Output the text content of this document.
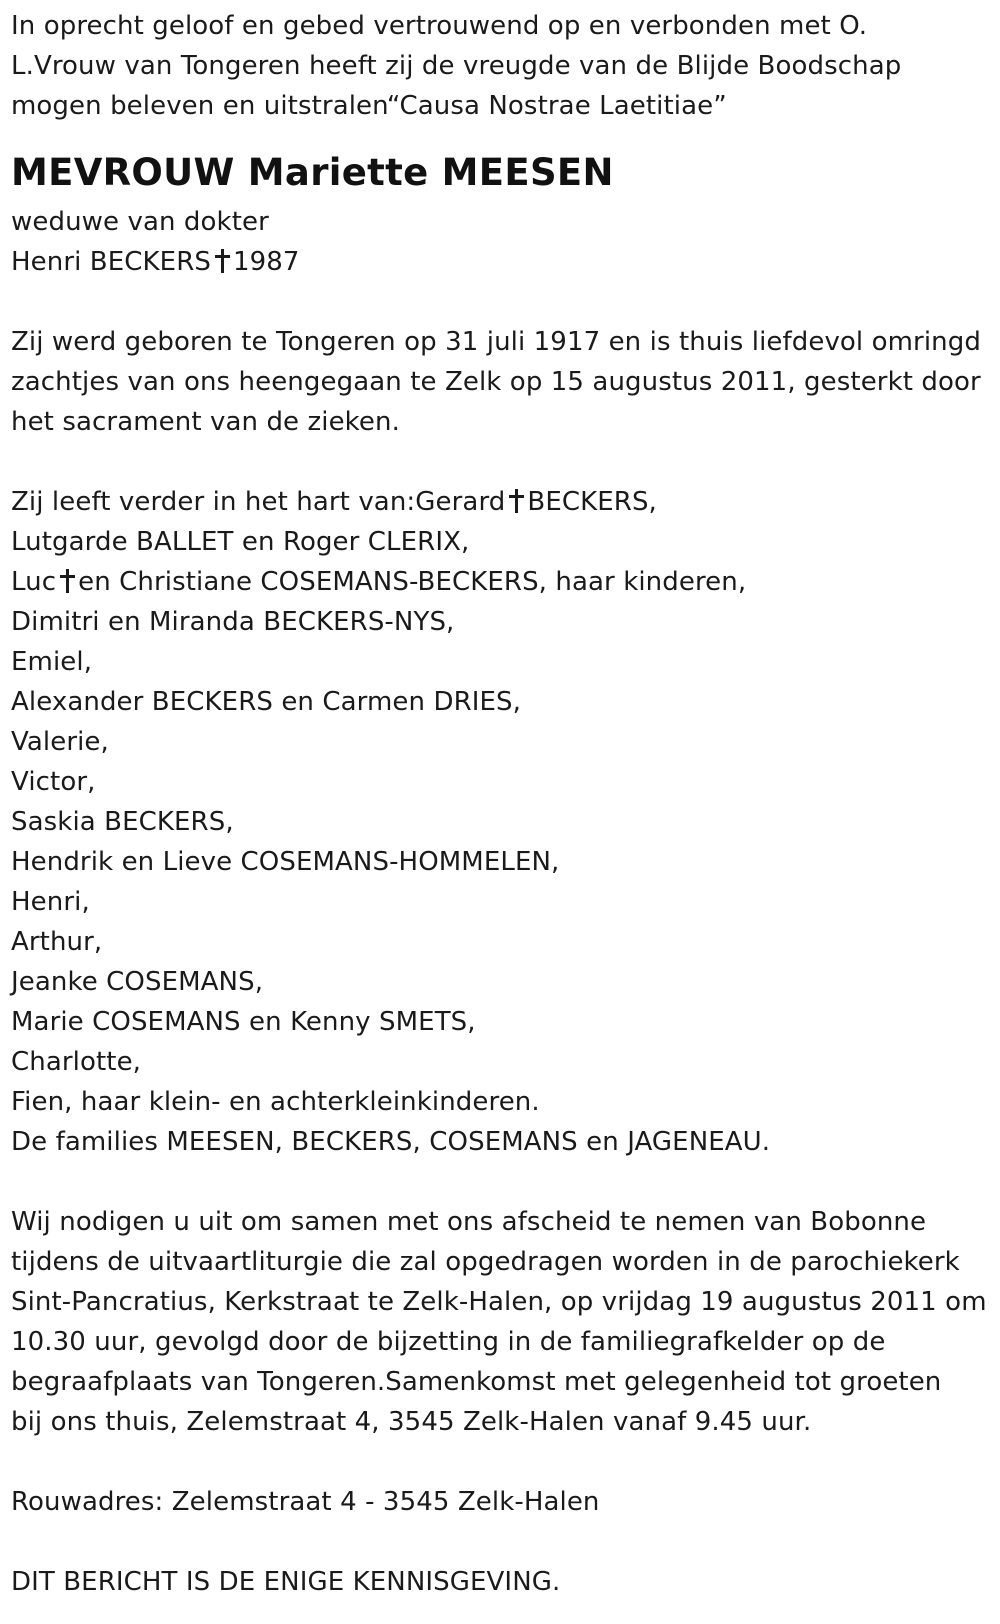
In oprecht geloof en gebed vertrouwend op en verbonden met O.
L.Vrouw van Tongeren heeft zij de vreugde van de Blijde Boodschap
mogen beleven en uitstralen“Causa Nostrae Laetitiae”
MEVROUW Mariette MEESEN
weduwe van dokter
Henri BECKERS 1987
Zij werd geboren te Tongeren op 31 juli 1917 en is thuis liefdevol omringd
zachtjes van ons heengegaan te Zelk op 15 augustus 2011, gesterkt door
het sacrament van de zieken.
Zij leeft verder in het hart van:Gerard BECKERS,
Lutgarde BALLET en Roger CLERIX,
Luc en Christiane COSEMANS-BECKERS, haar kinderen,
Dimitri en Miranda BECKERS-NYS,
Emiel,
Alexander BECKERS en Carmen DRIES,
Valerie,
Victor,
Saskia BECKERS,
Hendrik en Lieve COSEMANS-HOMMELEN,
Henri,
Arthur,
Jeanke COSEMANS,
Marie COSEMANS en Kenny SMETS,
Charlotte,
Fien, haar klein- en achterkleinkinderen.
De families MEESEN, BECKERS, COSEMANS en JAGENEAU.
Wij nodigen u uit om samen met ons afscheid te nemen van Bobonne
tijdens de uitvaartliturgie die zal opgedragen worden in de parochiekerk
Sint-Pancratius, Kerkstraat te Zelk-Halen, op vrijdag 19 augustus 2011 om
10.30 uur, gevolgd door de bijzetting in de familiegrafkelder op de
begraafplaats van Tongeren.Samenkomst met gelegenheid tot groeten
bij ons thuis, Zelemstraat 4, 3545 Zelk-Halen vanaf 9.45 uur.
Rouwadres: Zelemstraat 4 - 3545 Zelk-Halen
DIT BERICHT IS DE ENIGE KENNISGEVING.
